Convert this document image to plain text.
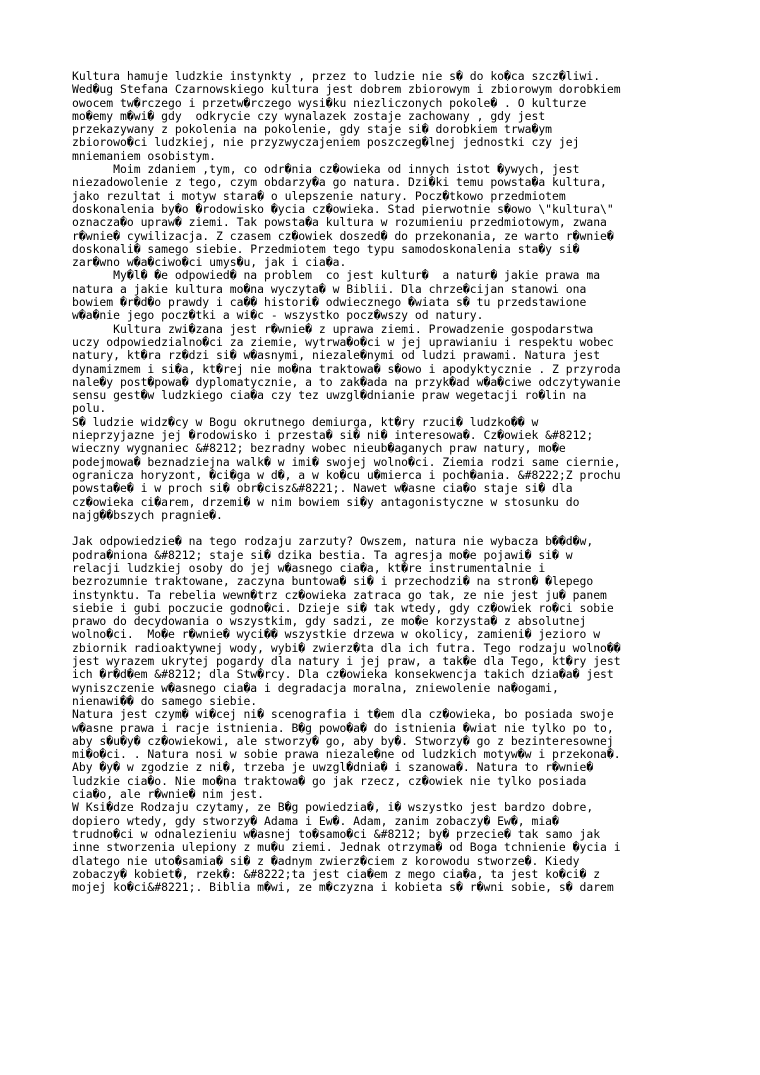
Kultura hamuje ludzkie instynkty , przez to ludzie nie s� do ko�ca szcz�liwi.
Wed�ug Stefana Czarnowskiego kultura jest dobrem zbiorowym i zbiorowym dorobkiem
owocem tw�rczego i przetw�rczego wysi�ku niezliczonych pokole� . O kulturze
mo�emy m�wi� gdy  odkrycie czy wynalazek zostaje zachowany , gdy jest
przekazywany z pokolenia na pokolenie, gdy staje si� dorobkiem trwa�ym
zbiorowo�ci ludzkiej, nie przyzwyczajeniem poszczeg�lnej jednostki czy jej
mniemaniem osobistym.
Moim zdaniem ,tym, co odr�nia cz�owieka od innych istot �ywych, jest
niezadowolenie z tego, czym obdarzy�a go natura. Dzi�ki temu powsta�a kultura,
jako rezultat i motyw stara� o ulepszenie natury. Pocz�tkowo przedmiotem
doskonalenia by�o �rodowisko �ycia cz�owieka. Stad pierwotnie s�owo \"kultura\"
oznacza�o upraw� ziemi. Tak powsta�a kultura w rozumieniu przedmiotowym, zwana
r�wnie� cywilizacja. Z czasem cz�owiek doszed� do przekonania, ze warto r�wnie�
doskonali� samego siebie. Przedmiotem tego typu samodoskonalenia sta�y si�
zar�wno w�a�ciwo�ci umys�u, jak i cia�a.
My�l� �e odpowied� na problem  co jest kultur�  a natur� jakie prawa ma
natura a jakie kultura mo�na wyczyta� w Biblii. Dla chrze�cijan stanowi ona
bowiem �r�d�o prawdy i ca�� histori� odwiecznego �wiata s� tu przedstawione
w�a�nie jego pocz�tki a wi�c - wszystko pocz�wszy od natury.
Kultura zwi�zana jest r�wnie� z uprawa ziemi. Prowadzenie gospodarstwa
uczy odpowiedzialno�ci za ziemie, wytrwa�o�ci w jej uprawianiu i respektu wobec
natury, kt�ra rz�dzi si� w�asnymi, niezale�nymi od ludzi prawami. Natura jest
dynamizmem i si�a, kt�rej nie mo�na traktowa� s�owo i apodyktycznie . Z przyroda
nale�y post�powa� dyplomatycznie, a to zak�ada na przyk�ad w�a�ciwe odczytywanie
sensu gest�w ludzkiego cia�a czy tez uwzgl�dnianie praw wegetacji ro�lin na
polu.
S� ludzie widz�cy w Bogu okrutnego demiurga, kt�ry rzuci� ludzko�� w
nieprzyjazne jej �rodowisko i przesta� si� ni� interesowa�. Cz�owiek &#8212;
wieczny wygnaniec &#8212; bezradny wobec nieub�aganych praw natury, mo�e
podejmowa� beznadziejna walk� w imi� swojej wolno�ci. Ziemia rodzi same ciernie,
ogranicza horyzont, �ci�ga w d�, a w ko�cu u�mierca i poch�ania. &#8222;Z prochu
powsta�e� i w proch si� obr�cisz&#8221;. Nawet w�asne cia�o staje si� dla
cz�owieka ci�arem, drzemi� w nim bowiem si�y antagonistyczne w stosunku do
najg��bszych pragnie�.
Jak odpowiedzie� na tego rodzaju zarzuty? Owszem, natura nie wybacza b��d�w,
podra�niona &#8212; staje si� dzika bestia. Ta agresja mo�e pojawi� si� w
relacji ludzkiej osoby do jej w�asnego cia�a, kt�re instrumentalnie i
bezrozumnie traktowane, zaczyna buntowa� si� i przechodzi� na stron� �lepego
instynktu. Ta rebelia wewn�trz cz�owieka zatraca go tak, ze nie jest ju� panem
siebie i gubi poczucie godno�ci. Dzieje si� tak wtedy, gdy cz�owiek ro�ci sobie
prawo do decydowania o wszystkim, gdy sadzi, ze mo�e korzysta� z absolutnej
wolno�ci.  Mo�e r�wnie� wyci�� wszystkie drzewa w okolicy, zamieni� jezioro w
zbiornik radioaktywnej wody, wybi� zwierz�ta dla ich futra. Tego rodzaju wolno��
jest wyrazem ukrytej pogardy dla natury i jej praw, a tak�e dla Tego, kt�ry jest
ich �r�d�em &#8212; dla Stw�rcy. Dla cz�owieka konsekwencja takich dzia�a� jest
wyniszczenie w�asnego cia�a i degradacja moralna, zniewolenie na�ogami,
nienawi�� do samego siebie.
Natura jest czym� wi�cej ni� scenografia i t�em dla cz�owieka, bo posiada swoje
w�asne prawa i racje istnienia. B�g powo�a� do istnienia �wiat nie tylko po to,
aby s�u�y� cz�owiekowi, ale stworzy� go, aby by�. Stworzy� go z bezinteresownej
mi�o�ci. . Natura nosi w sobie prawa niezale�ne od ludzkich motyw�w i przekona�.
Aby �y� w zgodzie z ni�, trzeba je uwzgl�dnia� i szanowa�. Natura to r�wnie�
ludzkie cia�o. Nie mo�na traktowa� go jak rzecz, cz�owiek nie tylko posiada
cia�o, ale r�wnie� nim jest.
W Ksi�dze Rodzaju czytamy, ze B�g powiedzia�, i� wszystko jest bardzo dobre,
dopiero wtedy, gdy stworzy� Adama i Ew�. Adam, zanim zobaczy� Ew�, mia�
trudno�ci w odnalezieniu w�asnej to�samo�ci &#8212; by� przecie� tak samo jak
inne stworzenia ulepiony z mu�u ziemi. Jednak otrzyma� od Boga tchnienie �ycia i
dlatego nie uto�samia� si� z �adnym zwierz�ciem z korowodu stworze�. Kiedy
zobaczy� kobiet�, rzek�: &#8222;ta jest cia�em z mego cia�a, ta jest ko�ci� z
mojej ko�ci&#8221;. Biblia m�wi, ze m�czyzna i kobieta s� r�wni sobie, s� darem
